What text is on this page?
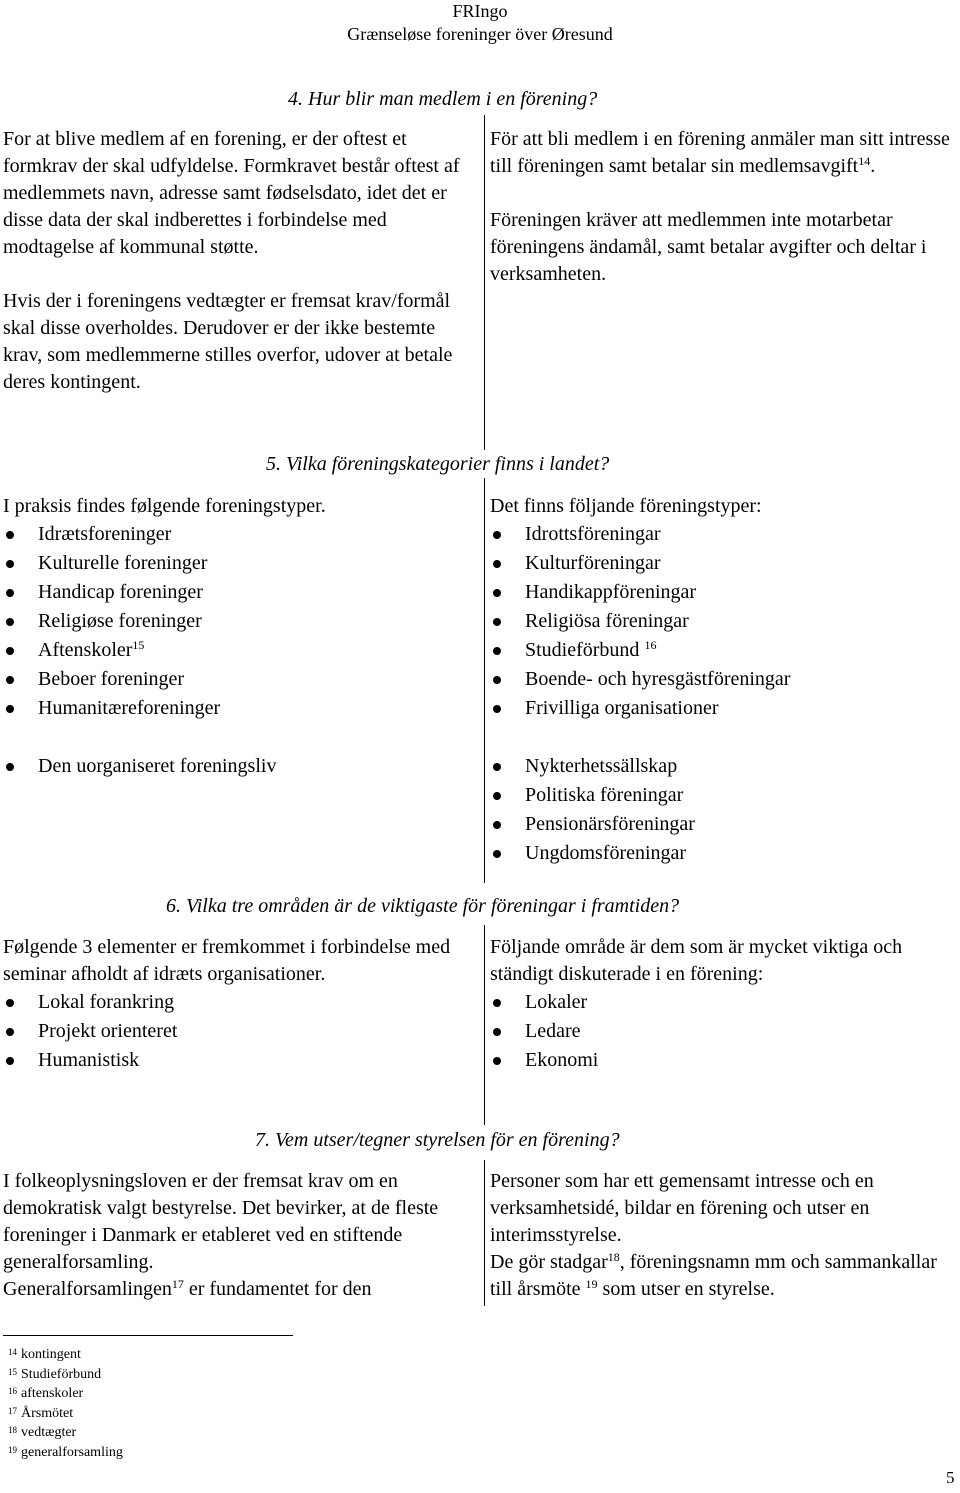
FRIngo
Grænseløse foreninger över Øresund
4. Hur blir man medlem i en förening?

For at blive medlem af en forening, er der oftest et formkrav der skal udfyldelse. Formkravet består oftest af medlemmets navn, adresse samt fødselsdato, idet det er disse data der skal indberettes i forbindelse med modtagelse af kommunal støtte.

Hvis der i foreningens vedtægter er fremsat krav/formål skal disse overholdes. Derudover er der ikke bestemte krav, som medlemmerne stilles overfor, udover at betale deres kontingent.

För att bli medlem i en förening anmäler man sitt intresse till föreningen samt betalar sin medlemsavgift$^{14}$.

Föreningen kräver att medlemmen inte motarbetar föreningens ändamål, samt betalar avgifter och deltar i verksamheten.

5. Vilka föreningskategorier finns i landet?

I praksis findes følgende foreningstyper.

Idrætsforeninger
Kulturelle foreninger
Handicap foreninger
Religiøse foreninger
Aftenskoler$^{15}$
Beboer foreninger
Humanitæreforeninger
Den uorganiseret foreningsliv

Det finns följande föreningstyper:

Idrottsföreningar
Kulturföreningar
Handikappföreningar
Religiösa föreningar
Studieförbund $^{16}$
Boende- och hyresgästföreningar
Frivilliga organisationer
Nykterhetssällskap
Politiska föreningar
Pensionärsföreningar
Ungdomsföreningar
6. Vilka tre områden är de viktigaste för föreningar i framtiden?

Følgende 3 elementer er fremkommet i forbindelse med seminar afholdt af idræts organisationer.

Lokal forankring
Projekt orienteret
Humanistisk

Följande område är dem som är mycket viktiga och ständigt diskuterade i en förening:

Lokaler
Ledare
Ekonomi
7. Vem utser/tegner styrelsen för en förening?

I folkeoplysningsloven er der fremsat krav om en demokratisk valgt bestyrelse. Det bevirker, at de fleste foreninger i Danmark er etableret ved en stiftende generalforsamling.

Generalforsamlingen$^{17}$ er fundamentet for den

Personer som har ett gemensamt intresse och en verksamhetsidé, bildar en förening och utser en interimsstyrelse.

De gör stadgar$^{18}$, föreningsnamn mm och sammankallar till årsmöte $^{19}$ som utser en styrelse.

$^{14}$ kontingent
$^{15}$ Studieförbund
$^{16}$ aftenskoler
$^{17}$ Årsmötet
$^{18}$ vedtægter
$^{19}$ generalforsamling
5
